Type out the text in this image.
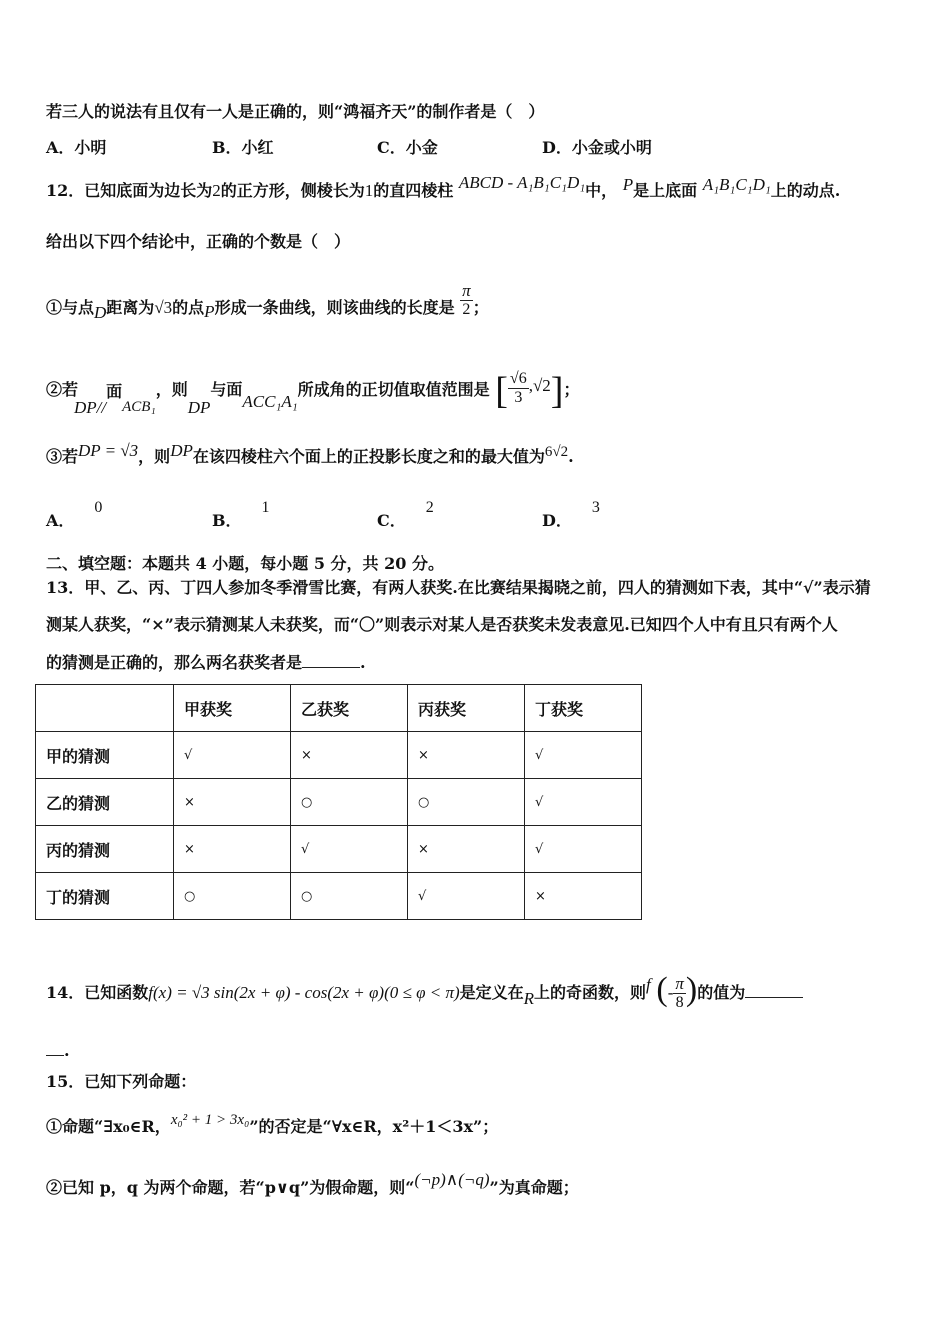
若三人的说法有且仅有一人是正确的，则“鸿福齐天”的制作者是（　）
A．小明	B．小红	C．小金	D．小金或小明
12．已知底面为边长为2的正方形，侧棱长为1的直四棱柱 ABCD - A₁B₁C₁D₁中， P是上底面 A₁B₁C₁D₁上的动点.
给出以下四个结论中，正确的个数是（　）
①与点D距离为√3的点P形成一条曲线，则该曲线的长度是 $\frac{\pi}{2}$ ；
②若DP//面ACB₁，则DP与面ACC₁A₁所成角的正切值取值范围是 [ $\frac{√6}{3} ,√2$]；
③若DP = √3，则DP在该四棱柱六个面上的正投影长度之和的最大值为6√2.
A．0
B．1
C．2
D．3
二、填空题：本题共 4 小题，每小题 5 分，共 20 分。
13．甲、乙、丙、丁四人参加冬季滑雪比赛，有两人获奖.在比赛结果揭晓之前，四人的猜测如下表，其中“√”表示猜
测某人获奖，“×”表示猜测某人未获奖，而“〇”则表示对某人是否获奖未发表意见.已知四个人中有且只有两个人
的猜测是正确的，那么两名获奖者是	.
	甲获奖	乙获奖	丙获奖	丁获奖
甲的猜测	√	×	×	√
乙的猜测	×	○	○	√
丙的猜测	×	√	×	√
丁的猜测	○	○	√	×
14．已知函数f(x) = √3 sin(2x + φ) - cos(2x + φ)(0 ≤ φ < π)是定义在R上的奇函数，则f (- $\frac{\pi}{8}$ )的值为
.
15．已知下列命题：
①命题“∃x₀∈R，x₀² + 1 > 3x₀”的否定是“∀x∈R，x²＋1＜3x”；
②已知 p，q 为两个命题，若“p∨q”为假命题，则“(¬p)∧(¬q)”为真命题；
